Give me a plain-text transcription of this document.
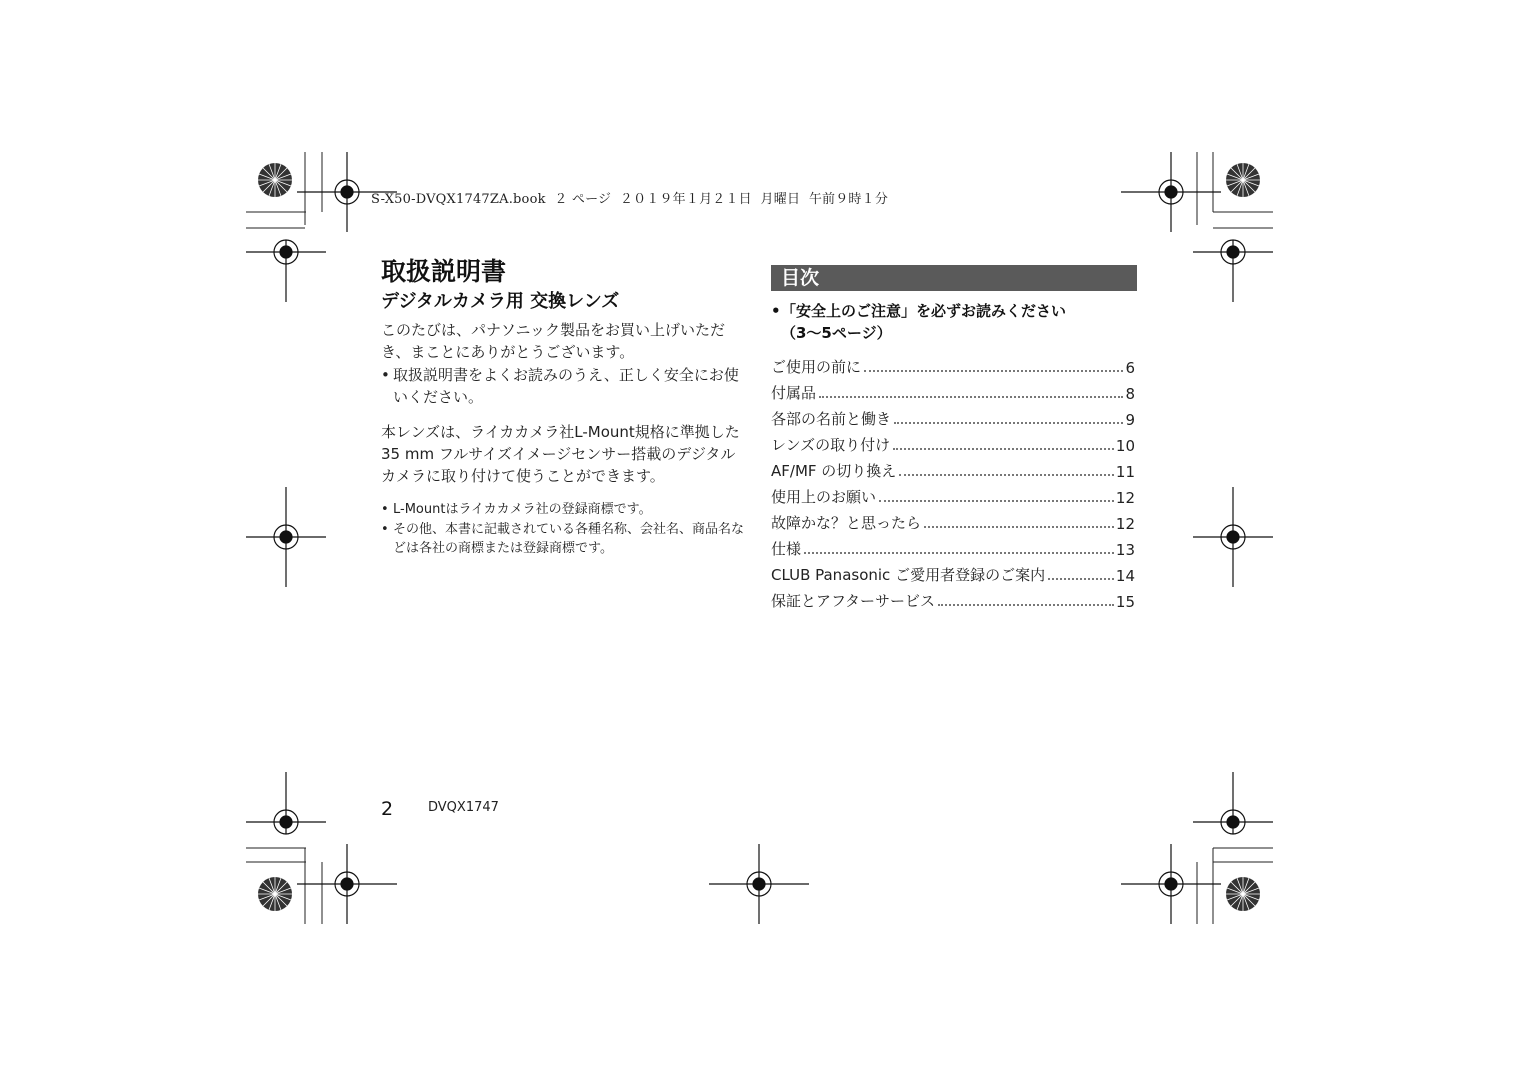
S-X50-DVQX1747ZA.book  ２ ページ  ２０１９年１月２１日  月曜日  午前９時１分
取扱説明書
デジタルカメラ用 交換レンズ
このたびは、パナソニック製品をお買い上げいただ
き、まことにありがとうございます。
• 取扱説明書をよくお読みのうえ、正しく安全にお使
いください。
本レンズは、ライカカメラ社L-Mount規格に準拠した
35 mm フルサイズイメージセンサー搭載のデジタル
カメラに取り付けて使うことができます。
• L-Mountはライカカメラ社の登録商標です。
• その他、本書に記載されている各種名称、会社名、商品名な
どは各社の商標または登録商標です。
目次
• 「安全上のご注意」を必ずお読みください
（3～5ページ）
ご使用の前に	6
付属品	8
各部の名前と働き	9
レンズの取り付け	10
AF/MF の切り換え	11
使用上のお願い	12
故障かな？と思ったら	12
仕様	13
CLUB Panasonic ご愛用者登録のご案内	14
保証とアフターサービス	15
2	DVQX1747
